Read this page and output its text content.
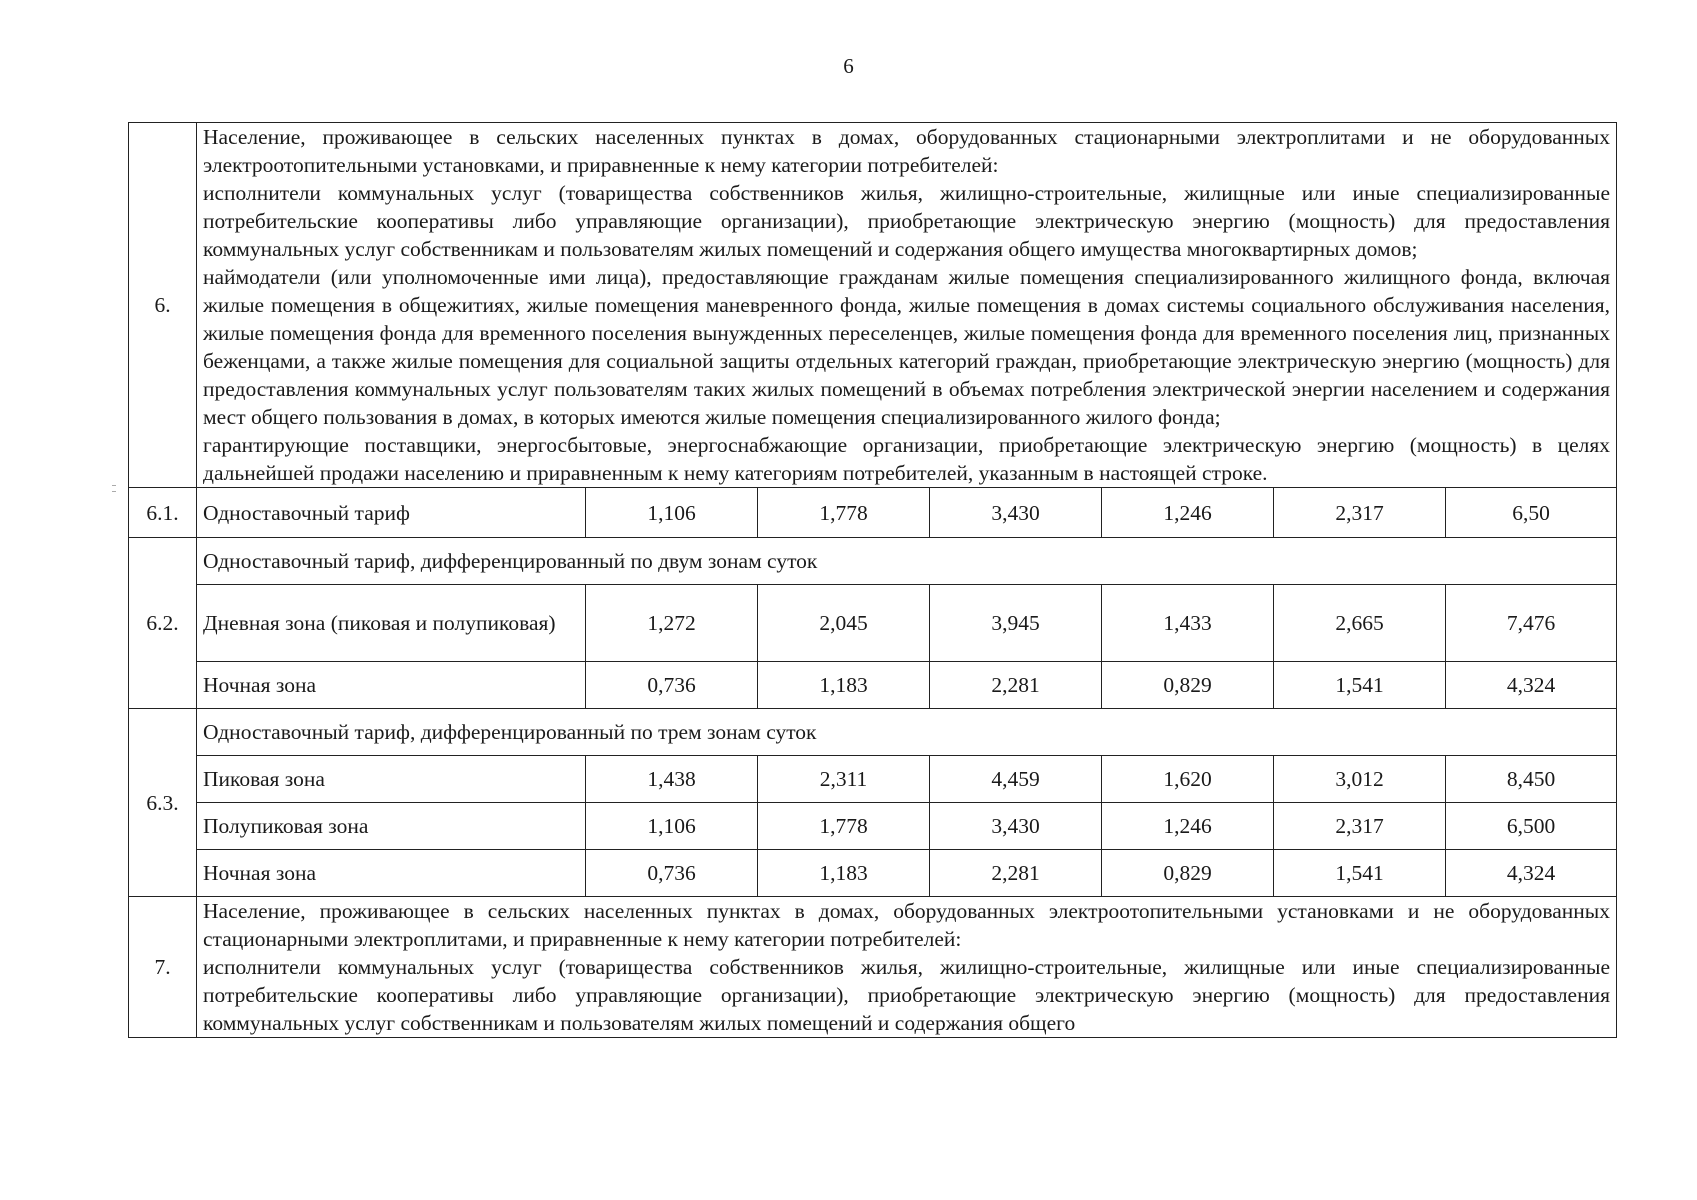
6
6.	Население, проживающее в сельских населенных пунктах в домах, оборудованных стационарными электроплитами и не оборудованных электроотопительными установками, и приравненные к нему категории потребителей:
исполнители коммунальных услуг (товарищества собственников жилья, жилищно-строительные, жилищные или иные специализированные потребительские кооперативы либо управляющие организации), приобретающие электрическую энергию (мощность) для предоставления коммунальных услуг собственникам и пользователям жилых помещений и содержания общего имущества многоквартирных домов;
наймодатели (или уполномоченные ими лица), предоставляющие гражданам жилые помещения специализированного жилищного фонда, включая жилые помещения в общежитиях, жилые помещения маневренного фонда, жилые помещения в домах системы социального обслуживания населения, жилые помещения фонда для временного поселения вынужденных переселенцев, жилые помещения фонда для временного поселения лиц, признанных беженцами, а также жилые помещения для социальной защиты отдельных категорий граждан, приобретающие электрическую энергию (мощность) для предоставления коммунальных услуг пользователям таких жилых помещений в объемах потребления электрической энергии населением и содержания мест общего пользования в домах, в которых имеются жилые помещения специализированного жилого фонда;
гарантирующие поставщики, энергосбытовые, энергоснабжающие организации, приобретающие электрическую энергию (мощность) в целях дальнейшей продажи населению и приравненным к нему категориям потребителей, указанным в настоящей строке.						

6.1.	Одноставочный тариф	1,106	1,778	3,430	1,246	2,317	6,50
6.2.	Одноставочный тариф, дифференцированный по двум зонам суток						
	Дневная зона (пиковая и полупиковая)	1,272	2,045	3,945	1,433	2,665	7,476
	Ночная зона	0,736	1,183	2,281	0,829	1,541	4,324
6.3.	Одноставочный тариф, дифференцированный по трем зонам суток						
	Пиковая зона	1,438	2,311	4,459	1,620	3,012	8,450
	Полупиковая зона	1,106	1,778	3,430	1,246	2,317	6,500
	Ночная зона	0,736	1,183	2,281	0,829	1,541	4,324
7.	Население, проживающее в сельских населенных пунктах в домах, оборудованных электроотопительными установками и не оборудованных стационарными электроплитами, и приравненные к нему категории потребителей:
исполнители коммунальных услуг (товарищества собственников жилья, жилищно-строительные, жилищные или иные специализированные потребительские кооперативы либо управляющие организации), приобретающие электрическую энергию (мощность) для предоставления коммунальных услуг собственникам и пользователям жилых помещений и содержания общего						
